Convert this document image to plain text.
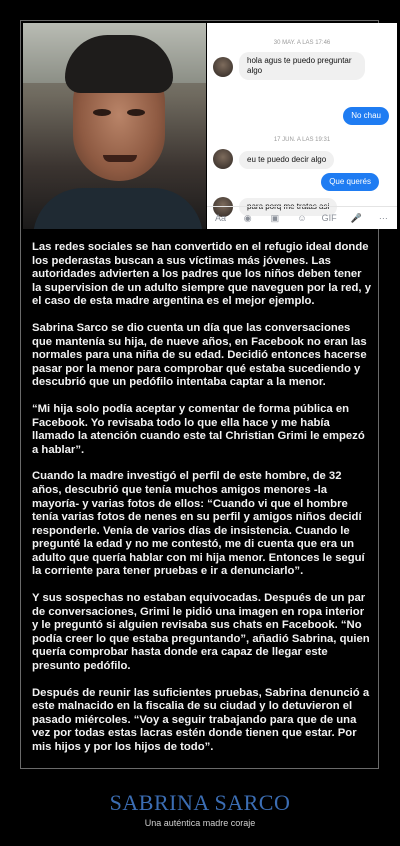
30 MAY. A LAS 17:46
hola agus te puedo preguntar algo
No chau
17 JUN. A LAS 19:31
eu te puedo decir algo
Que querés
para porq me tratas asi
Aa	◉	▣	☺	GIF 🎤	⋯

Las redes sociales se han convertido en el refugio ideal donde los pederastas buscan a sus víctimas más jóvenes. Las autoridades advierten a los padres que los niños deben tener la supervision de un adulto siempre que naveguen por la red, y el caso de esta madre argentina es el mejor ejemplo.

Sabrina Sarco se dio cuenta un día que las conversaciones que mantenía su hija, de nueve años, en Facebook no eran las normales para una niña de su edad. Decidió entonces hacerse pasar por la menor para comprobar qué estaba sucediendo y descubrió que un pedófilo intentaba captar a la menor.

“Mi hija solo podía aceptar y comentar de forma pública en Facebook. Yo revisaba todo lo que ella hace y me había llamado la atención cuando este tal Christian Grimi le empezó a hablar”.

Cuando la madre investigó el perfil de este hombre, de 32 años, descubrió que tenía muchos amigos menores -la mayoría- y varias fotos de ellos: “Cuando vi que el hombre tenía varias fotos de nenes en su perfil y amigos niños decidí responderle. Venía de varios días de insistencia. Cuando le pregunté la edad y no me contestó, me di cuenta que era un adulto que quería hablar con mi hija menor. Entonces le seguí la corriente para tener pruebas e ir a denunciarlo”.

Y sus sospechas no estaban equivocadas. Después de un par de conversaciones, Grimi le pidió una imagen en ropa interior y le preguntó si alguien revisaba sus chats en Facebook. “No podía creer lo que estaba preguntando”, añadió Sabrina, quien quería comprobar hasta donde era capaz de llegar este presunto pedófilo.

Después de reunir las suficientes pruebas, Sabrina denunció a este malnacido en la fiscalia de su ciudad y lo detuvieron el pasado miércoles. “Voy a seguir trabajando para que de una vez por todas estas lacras estén donde tienen que estar. Por mis hijos y por los hijos de todo”.

SABRINA SARCO
Una auténtica madre coraje
